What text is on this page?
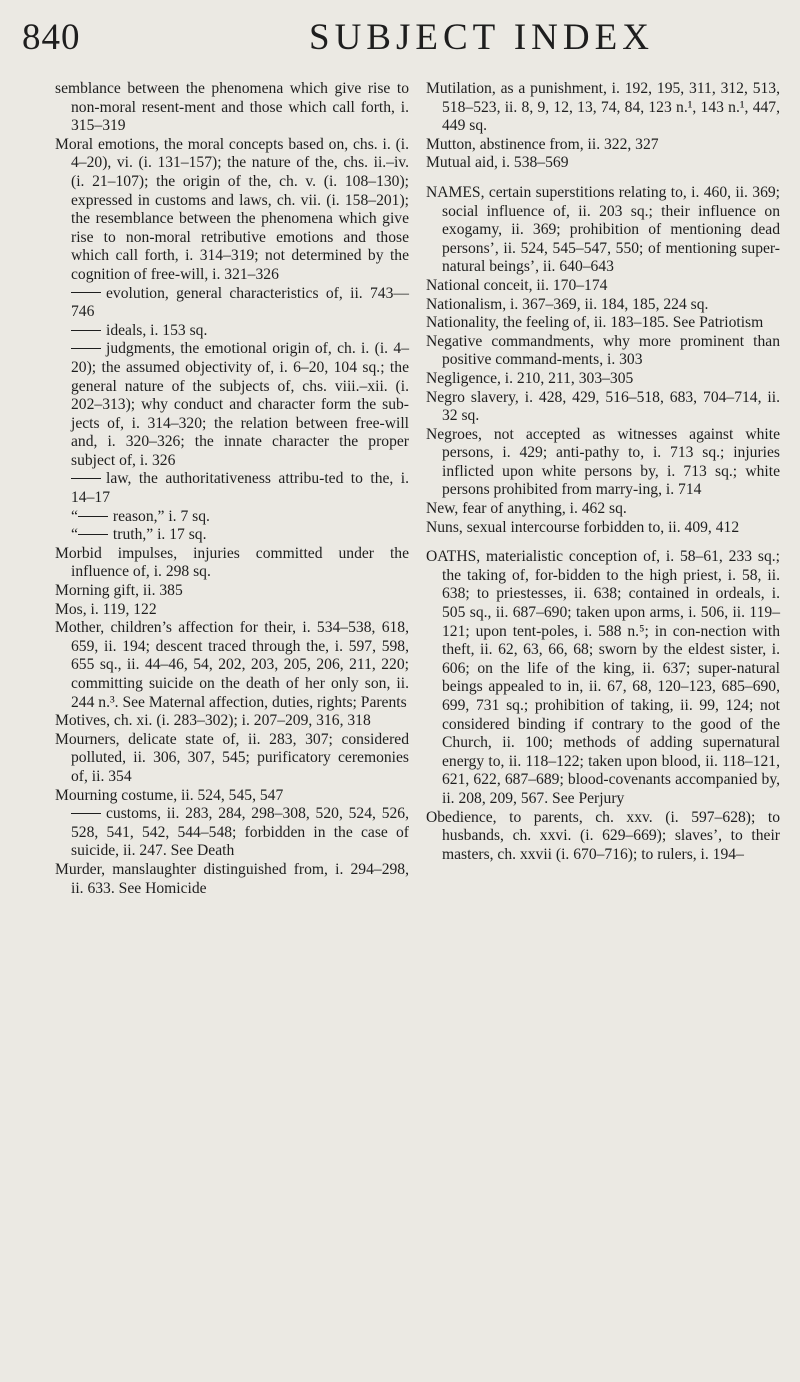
840	SUBJECT INDEX

semblance between the phenomena which give rise to non-moral resent-ment and those which call forth, i. 315–319

Moral emotions, the moral concepts based on, chs. i. (i. 4–20), vi. (i. 131–157); the nature of the, chs. ii.–iv. (i. 21–107); the origin of the, ch. v. (i. 108–130); expressed in customs and laws, ch. vii. (i. 158–201); the resemblance between the phenomena which give rise to non-moral retributive emotions and those which call forth, i. 314–319; not determined by the cognition of free-will, i. 321–326

evolution, general characteristics of, ii. 743—746

ideals, i. 153 sq.

judgments, the emotional origin of, ch. i. (i. 4–20); the assumed objectivity of, i. 6–20, 104 sq.; the general nature of the subjects of, chs. viii.–xii. (i. 202–313); why conduct and character form the sub-jects of, i. 314–320; the relation between free-will and, i. 320–326; the innate character the proper subject of, i. 326

law, the authoritativeness attribu-ted to the, i. 14–17

“ reason,” i. 7 sq.

“ truth,” i. 17 sq.

Morbid impulses, injuries committed under the influence of, i. 298 sq.

Morning gift, ii. 385

Mos, i. 119, 122

Mother, children’s affection for their, i. 534–538, 618, 659, ii. 194; descent traced through the, i. 597, 598, 655 sq., ii. 44–46, 54, 202, 203, 205, 206, 211, 220; committing suicide on the death of her only son, ii. 244 n.³. See Maternal affection, duties, rights; Parents

Motives, ch. xi. (i. 283–302); i. 207–209, 316, 318

Mourners, delicate state of, ii. 283, 307; considered polluted, ii. 306, 307, 545; purificatory ceremonies of, ii. 354

Mourning costume, ii. 524, 545, 547

customs, ii. 283, 284, 298–308, 520, 524, 526, 528, 541, 542, 544–548; forbidden in the case of suicide, ii. 247. See Death

Murder, manslaughter distinguished from, i. 294–298, ii. 633. See Homicide

Mutilation, as a punishment, i. 192, 195, 311, 312, 513, 518–523, ii. 8, 9, 12, 13, 74, 84, 123 n.¹, 143 n.¹, 447, 449 sq.

Mutton, abstinence from, ii. 322, 327

Mutual aid, i. 538–569

NAMES, certain superstitions relating to, i. 460, ii. 369; social influence of, ii. 203 sq.; their influence on exogamy, ii. 369; prohibition of mentioning dead persons’, ii. 524, 545–547, 550; of mentioning super-natural beings’, ii. 640–643

National conceit, ii. 170–174

Nationalism, i. 367–369, ii. 184, 185, 224 sq.

Nationality, the feeling of, ii. 183–185. See Patriotism

Negative commandments, why more prominent than positive command-ments, i. 303

Negligence, i. 210, 211, 303–305

Negro slavery, i. 428, 429, 516–518, 683, 704–714, ii. 32 sq.

Negroes, not accepted as witnesses against white persons, i. 429; anti-pathy to, i. 713 sq.; injuries inflicted upon white persons by, i. 713 sq.; white persons prohibited from marry-ing, i. 714

New, fear of anything, i. 462 sq.

Nuns, sexual intercourse forbidden to, ii. 409, 412

OATHS, materialistic conception of, i. 58–61, 233 sq.; the taking of, for-bidden to the high priest, i. 58, ii. 638; to priestesses, ii. 638; contained in ordeals, i. 505 sq., ii. 687–690; taken upon arms, i. 506, ii. 119–121; upon tent-poles, i. 588 n.⁵; in con-nection with theft, ii. 62, 63, 66, 68; sworn by the eldest sister, i. 606; on the life of the king, ii. 637; super-natural beings appealed to in, ii. 67, 68, 120–123, 685–690, 699, 731 sq.; prohibition of taking, ii. 99, 124; not considered binding if contrary to the good of the Church, ii. 100; methods of adding supernatural energy to, ii. 118–122; taken upon blood, ii. 118–121, 621, 622, 687–689; blood-covenants accompanied by, ii. 208, 209, 567. See Perjury

Obedience, to parents, ch. xxv. (i. 597–628); to husbands, ch. xxvi. (i. 629–669); slaves’, to their masters, ch. xxvii (i. 670–716); to rulers, i. 194–
